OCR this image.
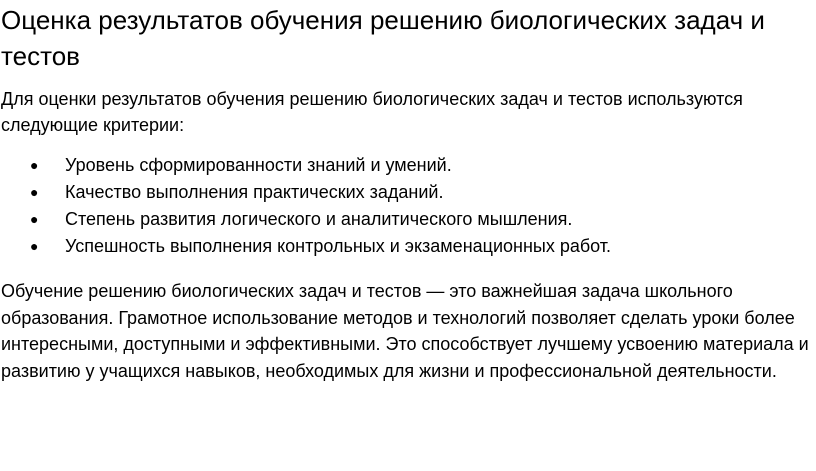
Оценка результатов обучения решению биологических задач и тестов

Для оценки результатов обучения решению биологических задач и тестов используются следующие критерии:

● Уровень сформированности знаний и умений.
● Качество выполнения практических заданий.
● Степень развития логического и аналитического мышления.
● Успешность выполнения контрольных и экзаменационных работ.

Обучение решению биологических задач и тестов — это важнейшая задача школьного образования. Грамотное использование методов и технологий позволяет сделать уроки более интересными, доступными и эффективными. Это способствует лучшему усвоению материала и развитию у учащихся навыков, необходимых для жизни и профессиональной деятельности.
